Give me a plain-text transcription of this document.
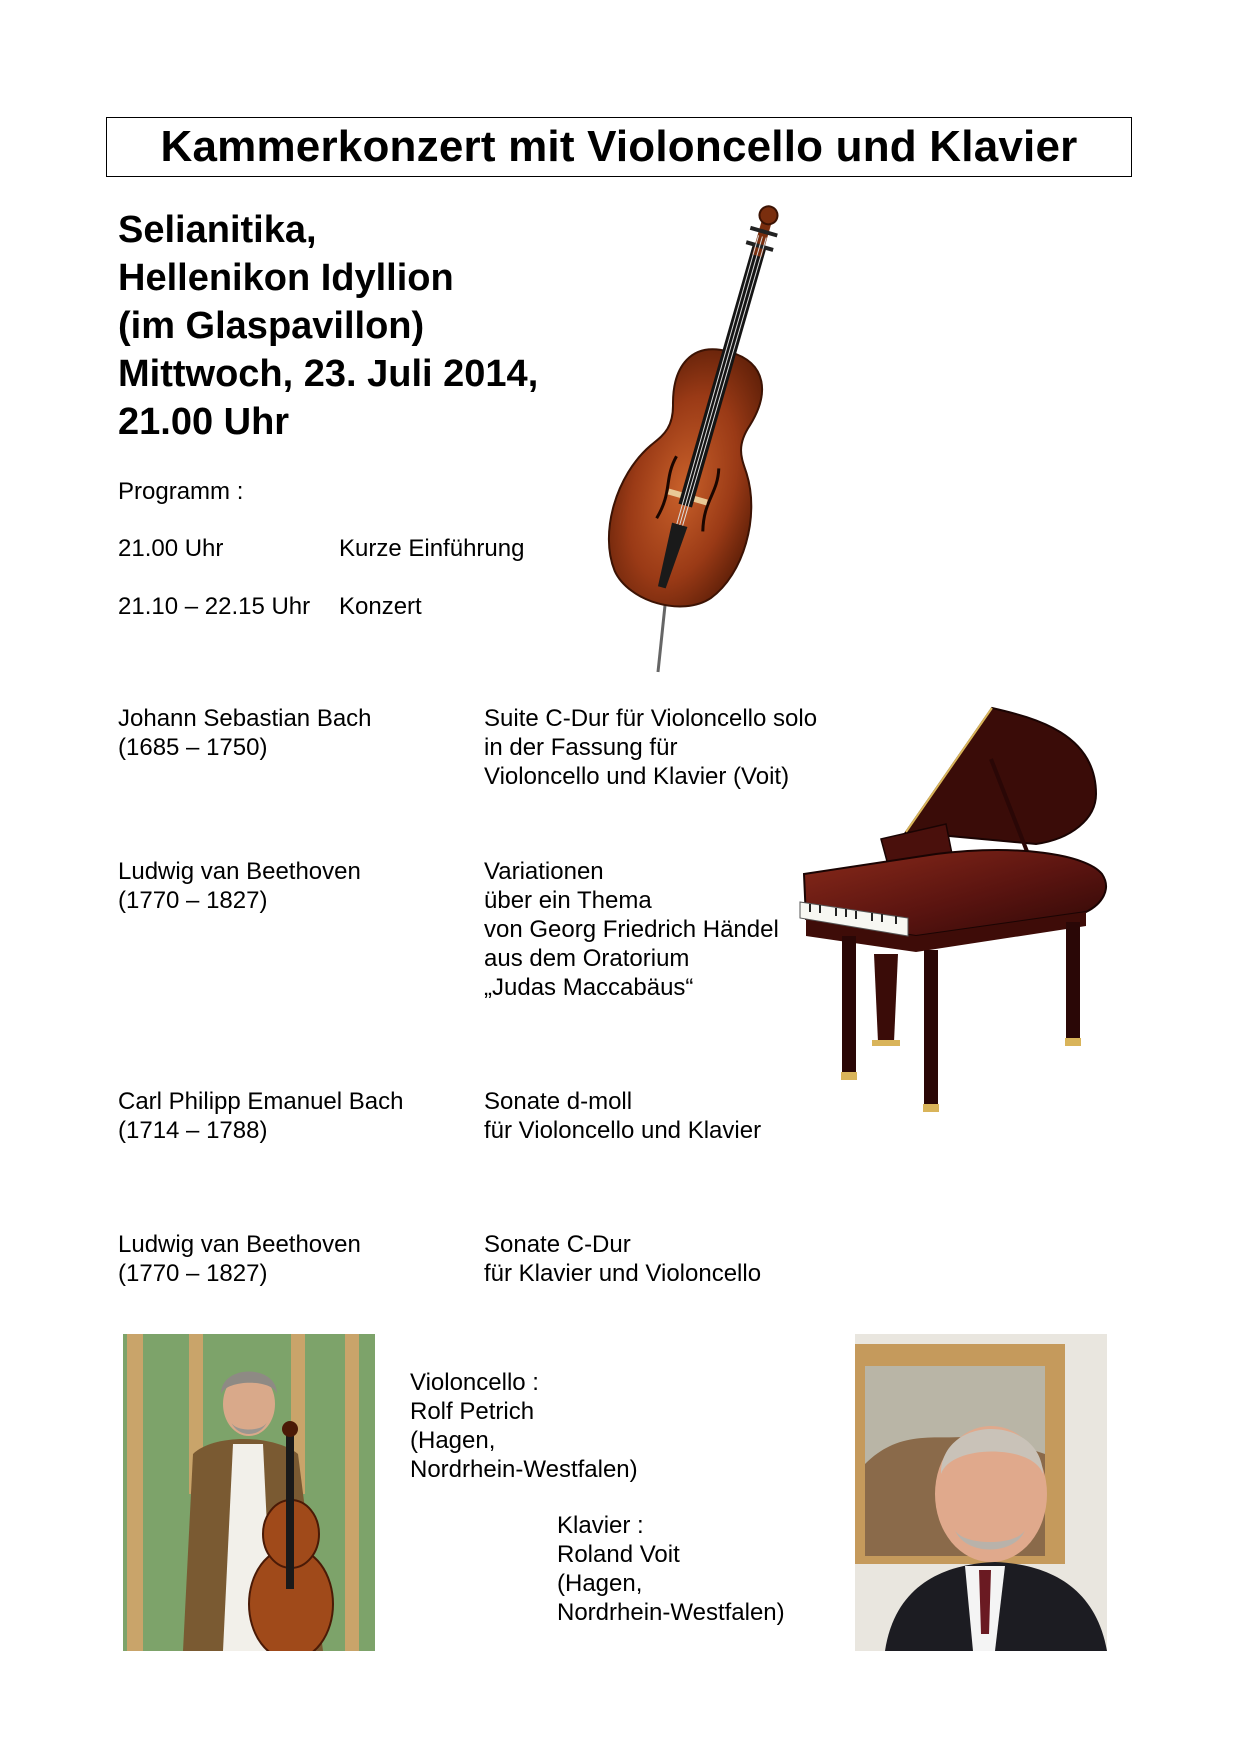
Kammerkonzert mit Violoncello und Klavier
Selianitika,
Hellenikon Idyllion
(im Glaspavillon)
Mittwoch, 23. Juli 2014,
21.00 Uhr
Programm :
21.00 Uhr	Kurze Einführung
21.10 – 22.15 Uhr Konzert
Johann Sebastian Bach
(1685 – 1750)
Suite C-Dur für Violoncello solo
in der Fassung für
Violoncello und Klavier (Voit)
Ludwig van Beethoven
(1770 – 1827)
Variationen
über ein Thema
von Georg Friedrich Händel
aus dem Oratorium
„Judas Maccabäus“
Carl Philipp Emanuel Bach
(1714 – 1788)
Sonate d-moll
für Violoncello und Klavier
Ludwig van Beethoven
(1770 – 1827)
Sonate C-Dur
für Klavier und Violoncello
Violoncello :
Rolf Petrich
(Hagen,
Nordrhein-Westfalen)
Klavier :
Roland Voit
(Hagen,
Nordrhein-Westfalen)
